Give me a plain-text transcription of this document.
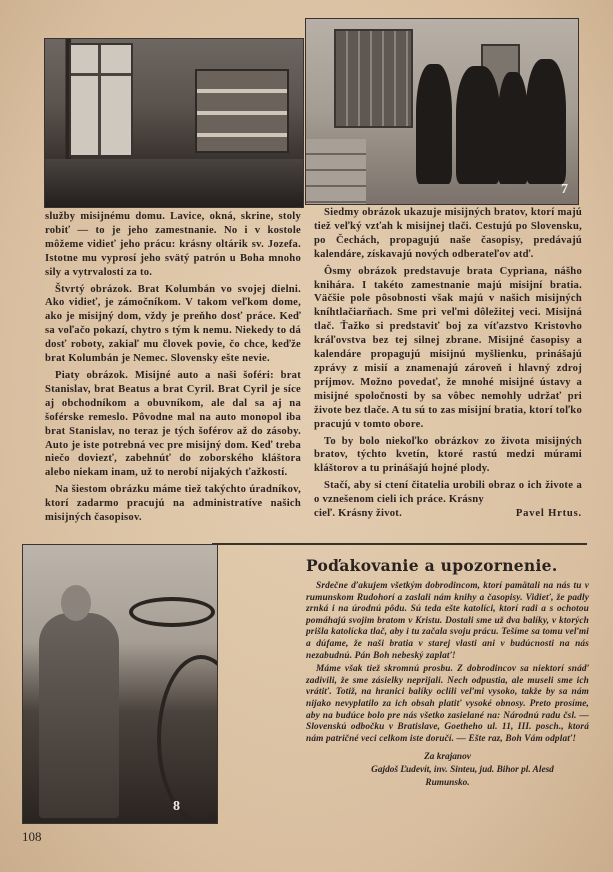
7

služby misijnému domu. Lavice, okná, skrine, stoly robiť — to je jeho zamestnanie. No i v kostole môžeme vidieť jeho prácu: krásny oltárik sv. Jozefa. Istotne mu vyprosí jeho svätý patrón u Boha mnoho sily a vytrvalosti za to.

Štvrtý obrázok. Brat Kolumbán vo svojej dielni. Ako vidieť, je zámočníkom. V takom veľkom dome, ako je misijný dom, vždy je preňho dosť práce. Keď sa voľačo pokazí, chytro s tým k nemu. Niekedy to dá dosť roboty, zakiaľ mu človek povie, čo chce, keďže brat Kolumbán je Nemec. Slovensky ešte nevie.

Piaty obrázok. Misijné auto a naši šoféri: brat Stanislav, brat Beatus a brat Cyril. Brat Cyril je síce aj obchodníkom a obuvníkom, ale dal sa aj na šoférske remeslo. Pôvodne mal na auto monopol iba brat Stanislav, no teraz je tých šoférov až do zásoby. Auto je iste potrebná vec pre misijný dom. Keď treba niečo doviezť, zabehnúť do zoborského kláštora alebo niekam inam, už to nerobí nijakých ťažkostí.

Na šiestom obrázku máme tiež takýchto úradníkov, ktorí zadarmo pracujú na administratíve našich misijných časopisov.

Siedmy obrázok ukazuje misijných bratov, ktorí majú tiež veľký vzťah k misijnej tlači. Cestujú po Slovensku, po Čechách, propagujú naše časopisy, predávajú kalendáre, získavajú nových odberateľov atď.

Ôsmy obrázok predstavuje brata Cypriana, nášho knihára. I takéto zamestnanie majú misijní bratia. Väčšie pole pôsobnosti však majú v našich misijných kníhtlačiarňach. Sme pri veľmi dôležitej veci. Misijná tlač. Ťažko si predstaviť boj za víťazstvo Kristovho kráľovstva bez tej silnej zbrane. Misijné časopisy a kalendáre propagujú misijnú myšlienku, prinášajú zprávy z misií a znamenajú zároveň i hlavný zdroj príjmov. Možno povedať, že mnohé misijné ústavy a misijné spoločnosti by sa vôbec nemohly udržať pri živote bez tlače. A tu sú to zas misijní bratia, ktorí toľko pracujú v tomto obore.

To by bolo niekoľko obrázkov zo života misijných bratov, týchto kvetín, ktoré rastú medzi múrami kláštorov a tu prinášajú hojné plody.

Stačí, aby si ctení čitatelia urobili obraz o ich živote a o vznešenom cieli ich práce. Krásny

cieľ. Krásny život.	Pavel Hrtus.
8
Poďakovanie a upozornenie.

Srdečne ďakujem všetkým dobrodincom, ktorí pamätali na nás tu v rumunskom Rudohorí a zaslali nám knihy a časopisy. Vidieť, že padly zrnká i na úrodnú pôdu. Sú teda ešte katolíci, ktorí radi a s ochotou pomáhajú svojim bratom v Kristu. Dostali sme už dva balíky, v ktorých prišla katolícka tlač, aby i tu začala svoju prácu. Tešíme sa tomu veľmi a dúfame, že naši bratia v starej vlasti ani v budúcnosti na nás nezabudnú. Pán Boh nebeský zaplať!

Máme však tiež skromnú prosbu. Z dobrodincov sa niektorí snáď zadivili, že sme zásielky neprijali. Nech odpustia, ale museli sme ich vrátiť. Totiž, na hranici balíky oclili veľmi vysoko, takže by sa nám nijako nevyplatilo za ich obsah platiť vysoké obnosy. Preto prosíme, aby na budúce bolo pre nás všetko zasielané na: Národnú radu čsl. — Slovenskú odbočku v Bratislave, Goetheho ul. 11, III. posch., ktorá nám patričné veci celkom iste doručí. — Ešte raz, Boh Vám odplať!

Za krajanov
Gajdoš Ľudevít, inv. Sinteu, jud. Bihor pl. Alesd
Rumunsko.
108
